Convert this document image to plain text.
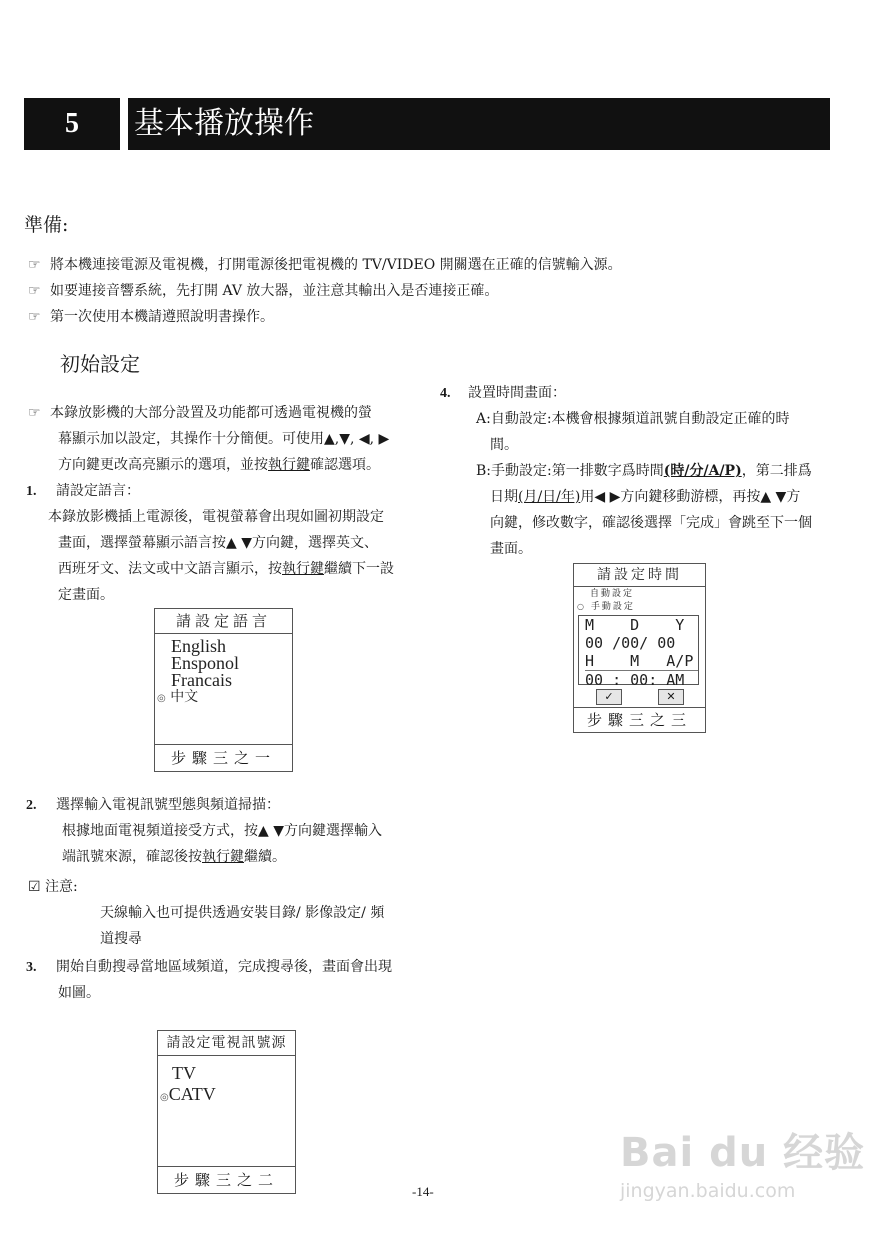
5	基本播放操作
準備:
☞ 將本機連接電源及電視機，打開電源後把電視機的 TV/VIDEO 開關選在正確的信號輸入源。
☞ 如要連接音響系統，先打開 AV 放大器，並注意其輸出入是否連接正確。
☞ 第一次使用本機請遵照說明書操作。
初始設定
☞ 本錄放影機的大部分設置及功能都可透過電視機的螢
幕顯示加以設定，其操作十分簡便。可使用▲,▼, ◀, ▶
方向鍵更改高亮顯示的選項，並按執行鍵確認選項。
1. 請設定語言：
本錄放影機插上電源後，電視螢幕會出現如圖初期設定
畫面，選擇螢幕顯示語言按▲ ▼方向鍵，選擇英文、
西班牙文、法文或中文語言顯示，按執行鍵繼續下一設
定畫面。
請設定語言
English
Ensponol
Francais
◎ 中文
步驟三之一
2. 選擇輸入電視訊號型態與頻道掃描：
根據地面電視頻道接受方式，按▲ ▼方向鍵選擇輸入
端訊號來源，確認後按執行鍵繼續。
☑ 注意:
天線輸入也可提供透過安裝目錄/ 影像設定/ 頻
道搜尋
3. 開始自動搜尋當地區域頻道，完成搜尋後，畫面會出現
如圖。
請設定電視訊號源
TV
◎CATV
步驟三之二
4. 設置時間畫面：
A:自動設定:本機會根據頻道訊號自動設定正確的時
間。
B:手動設定:第一排數字爲時間(時/分/A/P)，第二排爲
日期(月/日/年)用◀ ▶方向鍵移動游標，再按▲ ▼方
向鍵，修改數字，確認後選擇「完成」會跳至下一個
畫面。
請設定時間
自動設定
○ 手動設定
M    D    Y
00 /00/ 00
H    M   A/P
00 : 00: AM
✓	✕
步驟三之三
-14-
Bai du 经验
jingyan.baidu.com
